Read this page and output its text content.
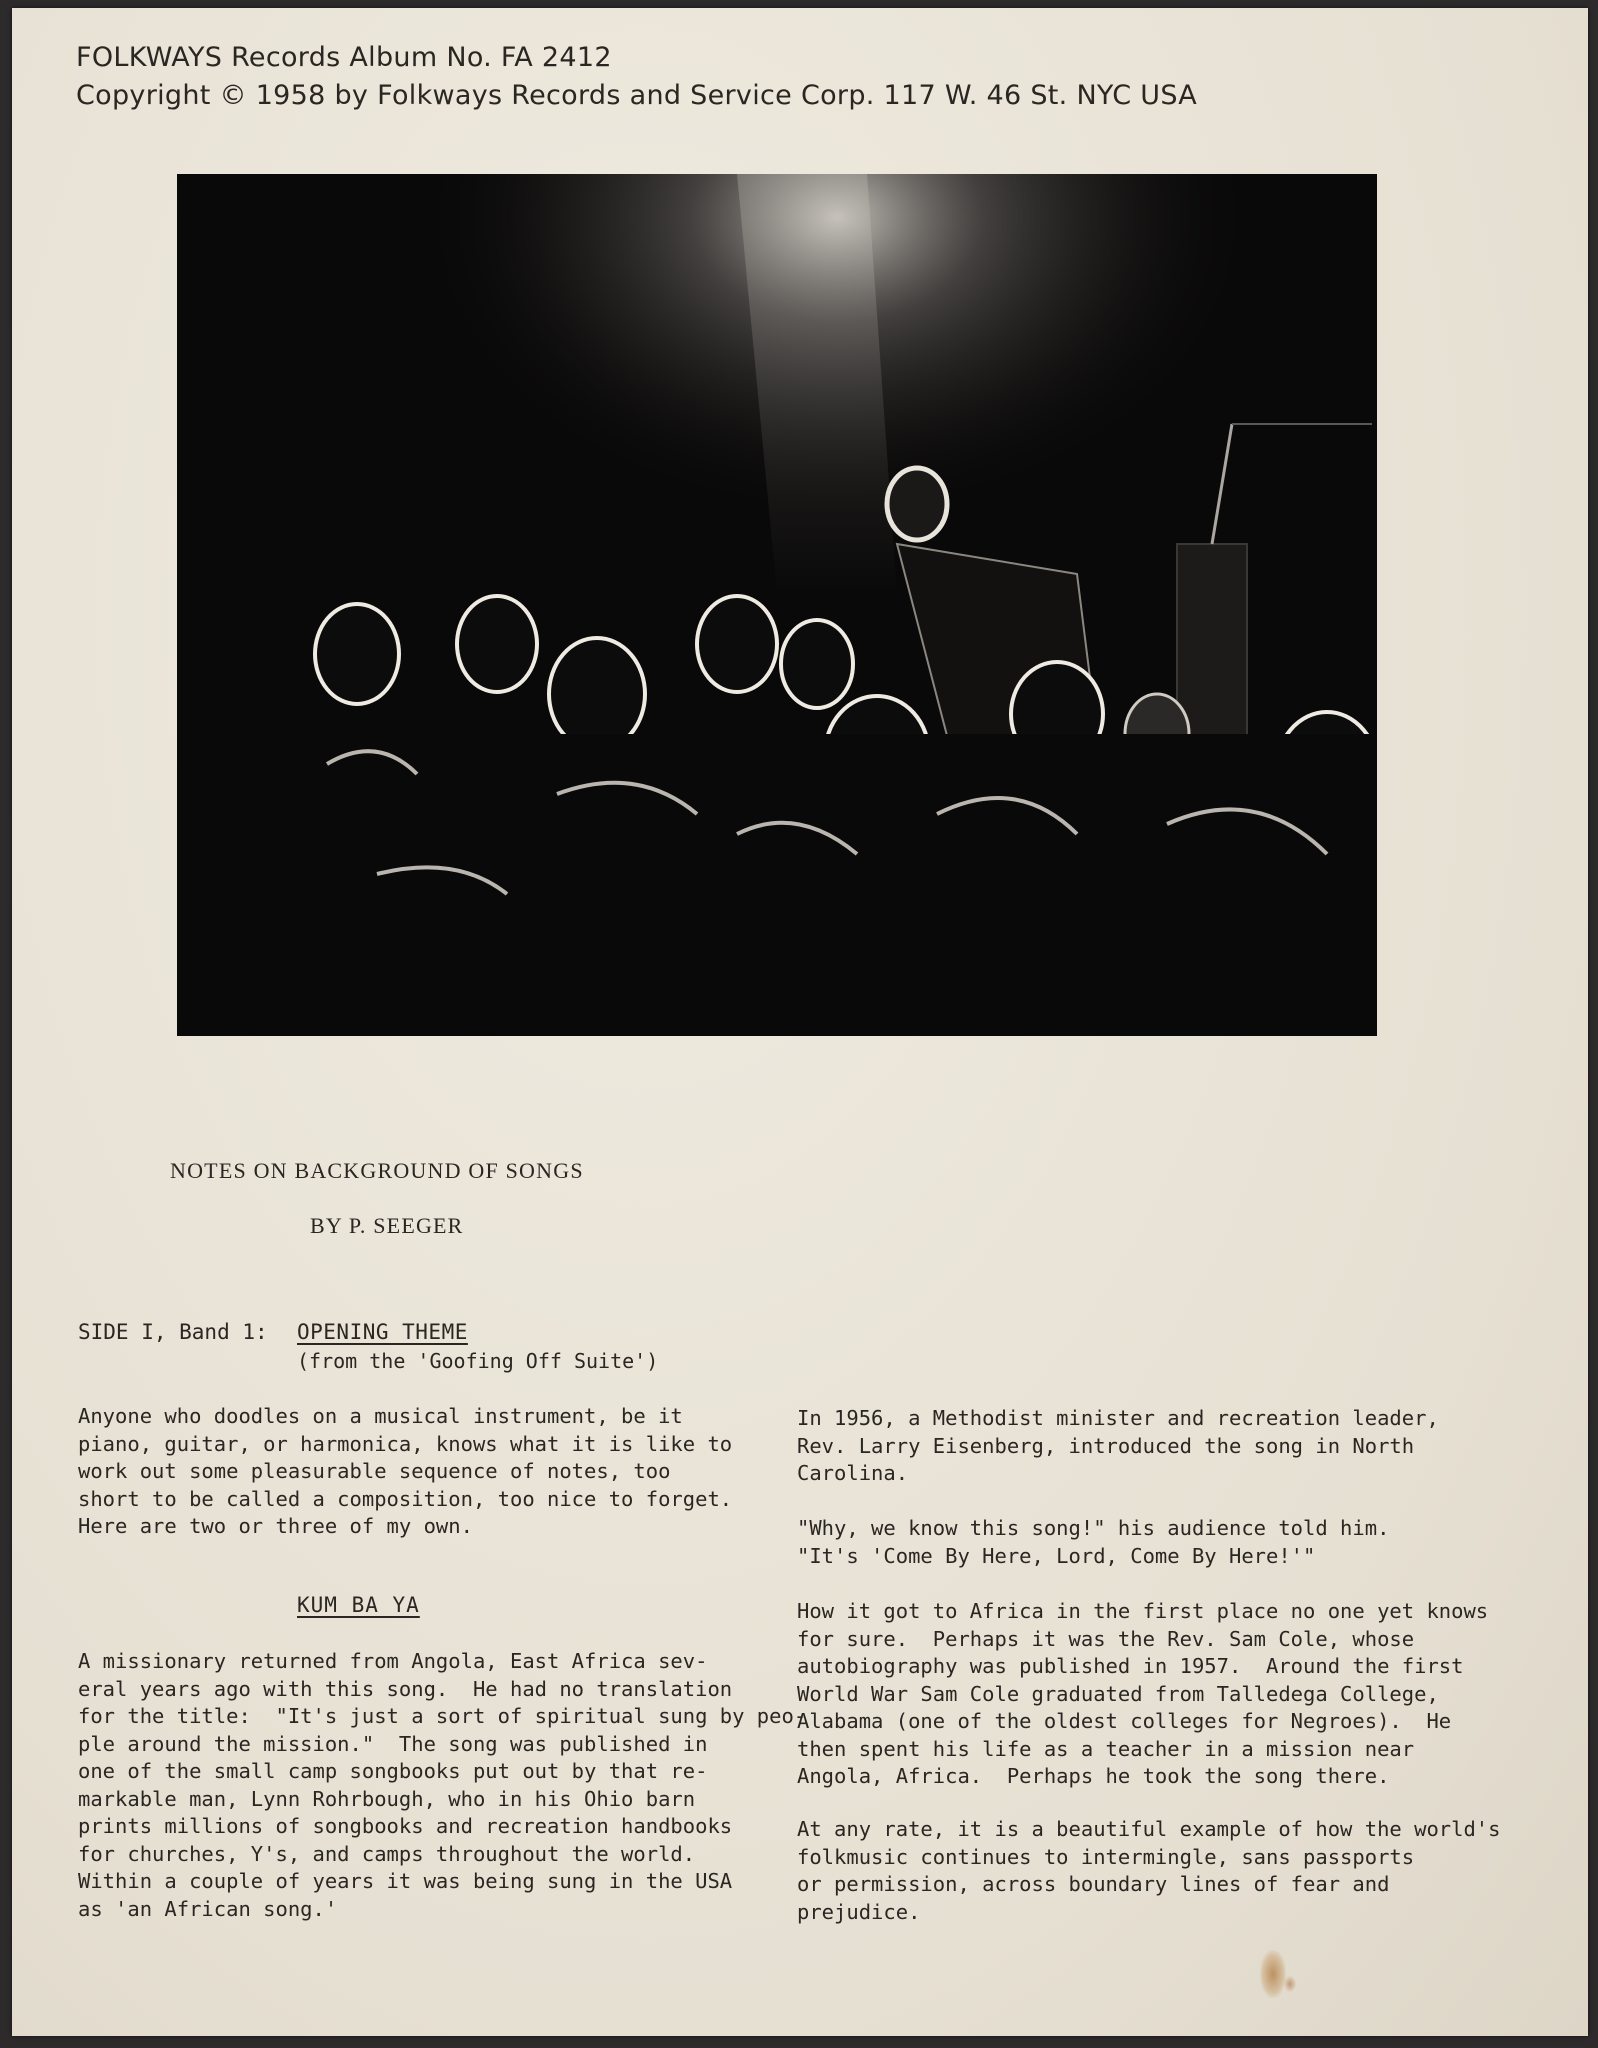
FOLKWAYS Records Album No. FA 2412
Copyright © 1958 by Folkways Records and Service Corp. 117 W. 46 St. NYC USA
NOTES ON BACKGROUND OF SONGS
BY P. SEEGER
SIDE I, Band 1: OPENING THEME
(from the 'Goofing Off Suite')

Anyone who doodles on a musical instrument, be it
piano, guitar, or harmonica, knows what it is like to
work out some pleasurable sequence of notes, too
short to be called a composition, too nice to forget.
Here are two or three of my own.

KUM BA YA

A missionary returned from Angola, East Africa sev-
eral years ago with this song.  He had no translation
for the title:  "It's just a sort of spiritual sung by peo-
ple around the mission."  The song was published in
one of the small camp songbooks put out by that re-
markable man, Lynn Rohrbough, who in his Ohio barn
prints millions of songbooks and recreation handbooks
for churches, Y's, and camps throughout the world.
Within a couple of years it was being sung in the USA
as 'an African song.'

In 1956, a Methodist minister and recreation leader,
Rev. Larry Eisenberg, introduced the song in North
Carolina.

"Why, we know this song!" his audience told him.
"It's 'Come By Here, Lord, Come By Here!'"

How it got to Africa in the first place no one yet knows
for sure.  Perhaps it was the Rev. Sam Cole, whose
autobiography was published in 1957.  Around the first
World War Sam Cole graduated from Talledega College,
Alabama (one of the oldest colleges for Negroes).  He
then spent his life as a teacher in a mission near
Angola, Africa.  Perhaps he took the song there.

At any rate, it is a beautiful example of how the world's
folkmusic continues to intermingle, sans passports
or permission, across boundary lines of fear and
prejudice.
